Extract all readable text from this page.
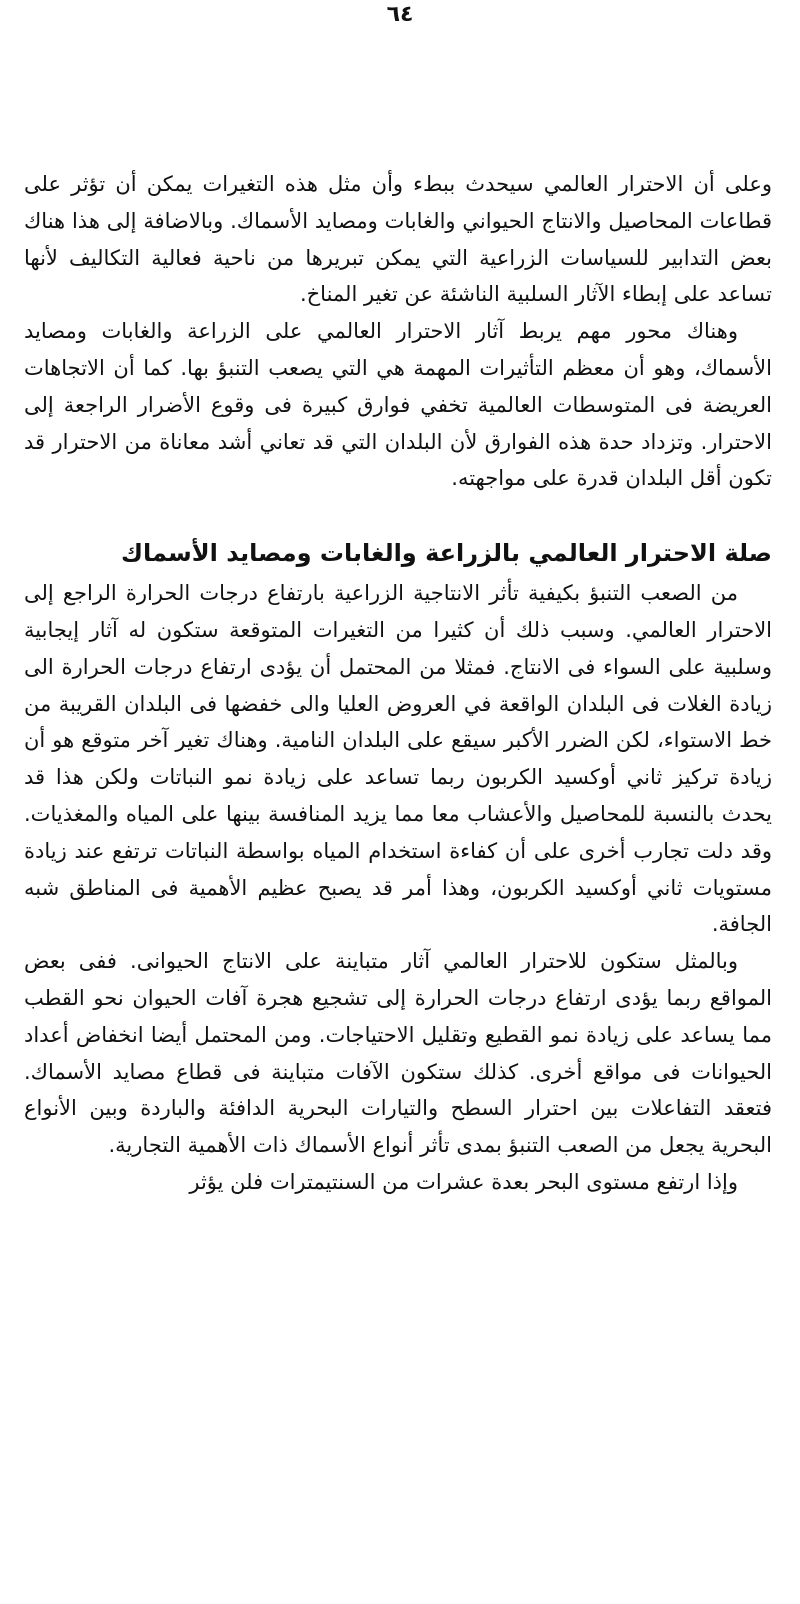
٦٤

وعلى أن الاحترار العالمي سيحدث ببطء وأن مثل هذه التغيرات يمكن أن تؤثر على قطاعات المحاصيل والانتاج الحيواني والغابات ومصايد الأسماك. وبالاضافة إلى هذا هناك بعض التدابير للسياسات الزراعية التي يمكن تبريرها من ناحية فعالية التكاليف لأنها تساعد على إبطاء الآثار السلبية الناشئة عن تغير المناخ.

وهناك محور مهم يربط آثار الاحترار العالمي على الزراعة والغابات ومصايد الأسماك، وهو أن معظم التأثيرات المهمة هي التي يصعب التنبؤ بها. كما أن الاتجاهات العريضة فى المتوسطات العالمية تخفي فوارق كبيرة فى وقوع الأضرار الراجعة إلى الاحترار. وتزداد حدة هذه الفوارق لأن البلدان التي قد تعاني أشد معاناة من الاحترار قد تكون أقل البلدان قدرة على مواجهته.

صلة الاحترار العالمي بالزراعة والغابات ومصايد الأسماك

من الصعب التنبؤ بكيفية تأثر الانتاجية الزراعية بارتفاع درجات الحرارة الراجع إلى الاحترار العالمي. وسبب ذلك أن كثيرا من التغيرات المتوقعة ستكون له آثار إيجابية وسلبية على السواء فى الانتاج. فمثلا من المحتمل أن يؤدى ارتفاع درجات الحرارة الى زيادة الغلات فى البلدان الواقعة في العروض العليا والى خفضها فى البلدان القريبة من خط الاستواء، لكن الضرر الأكبر سيقع على البلدان النامية. وهناك تغير آخر متوقع هو أن زيادة تركيز ثاني أوكسيد الكربون ربما تساعد على زيادة نمو النباتات ولكن هذا قد يحدث بالنسبة للمحاصيل والأعشاب معا مما يزيد المنافسة بينها على المياه والمغذيات. وقد دلت تجارب أخرى على أن كفاءة استخدام المياه بواسطة النباتات ترتفع عند زيادة مستويات ثاني أوكسيد الكربون، وهذا أمر قد يصبح عظيم الأهمية فى المناطق شبه الجافة.

وبالمثل ستكون للاحترار العالمي آثار متباينة على الانتاج الحيوانى. ففى بعض المواقع ربما يؤدى ارتفاع درجات الحرارة إلى تشجيع هجرة آفات الحيوان نحو القطب مما يساعد على زيادة نمو القطيع وتقليل الاحتياجات. ومن المحتمل أيضا انخفاض أعداد الحيوانات فى مواقع أخرى. كذلك ستكون الآفات متباينة فى قطاع مصايد الأسماك. فتعقد التفاعلات بين احترار السطح والتيارات البحرية الدافئة والباردة وبين الأنواع البحرية يجعل من الصعب التنبؤ بمدى تأثر أنواع الأسماك ذات الأهمية التجارية.

وإذا ارتفع مستوى البحر بعدة عشرات من السنتيمترات فلن يؤثر
